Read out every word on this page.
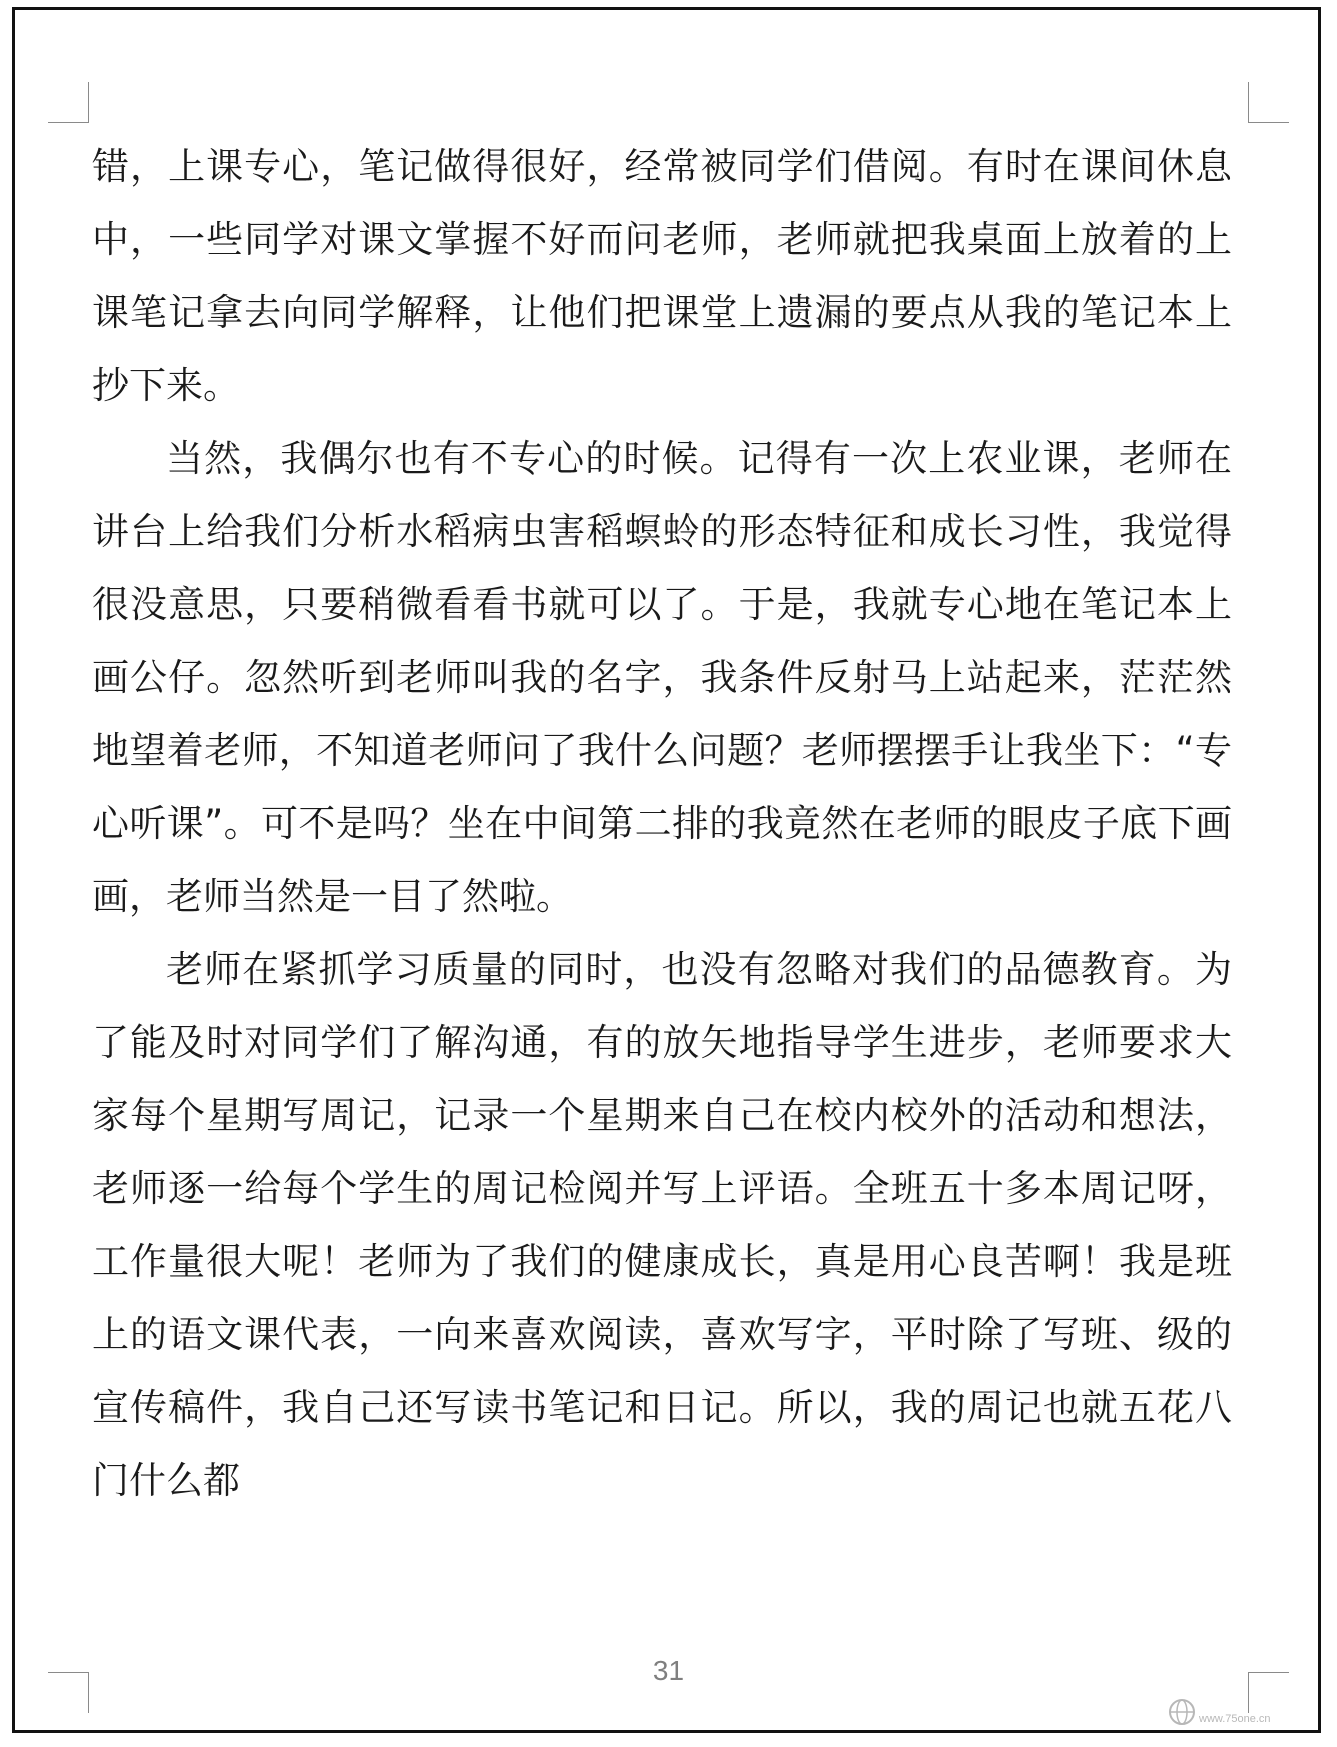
错，上课专心，笔记做得很好，经常被同学们借阅。有时在课间休息中，一些同学对课文掌握不好而问老师，老师就把我桌面上放着的上课笔记拿去向同学解释，让他们把课堂上遗漏的要点从我的笔记本上抄下来。

当然，我偶尔也有不专心的时候。记得有一次上农业课，老师在讲台上给我们分析水稻病虫害稻螟蛉的形态特征和成长习性，我觉得很没意思，只要稍微看看书就可以了。于是，我就专心地在笔记本上画公仔。忽然听到老师叫我的名字，我条件反射马上站起来，茫茫然地望着老师，不知道老师问了我什么问题？老师摆摆手让我坐下：“专心听课”。可不是吗？坐在中间第二排的我竟然在老师的眼皮子底下画画，老师当然是一目了然啦。

老师在紧抓学习质量的同时，也没有忽略对我们的品德教育。为了能及时对同学们了解沟通，有的放矢地指导学生进步，老师要求大家每个星期写周记，记录一个星期来自己在校内校外的活动和想法，老师逐一给每个学生的周记检阅并写上评语。全班五十多本周记呀，工作量很大呢！老师为了我们的健康成长，真是用心良苦啊！我是班上的语文课代表，一向来喜欢阅读，喜欢写字，平时除了写班、级的宣传稿件，我自己还写读书笔记和日记。所以，我的周记也就五花八门什么都

31
www.75one.cn
